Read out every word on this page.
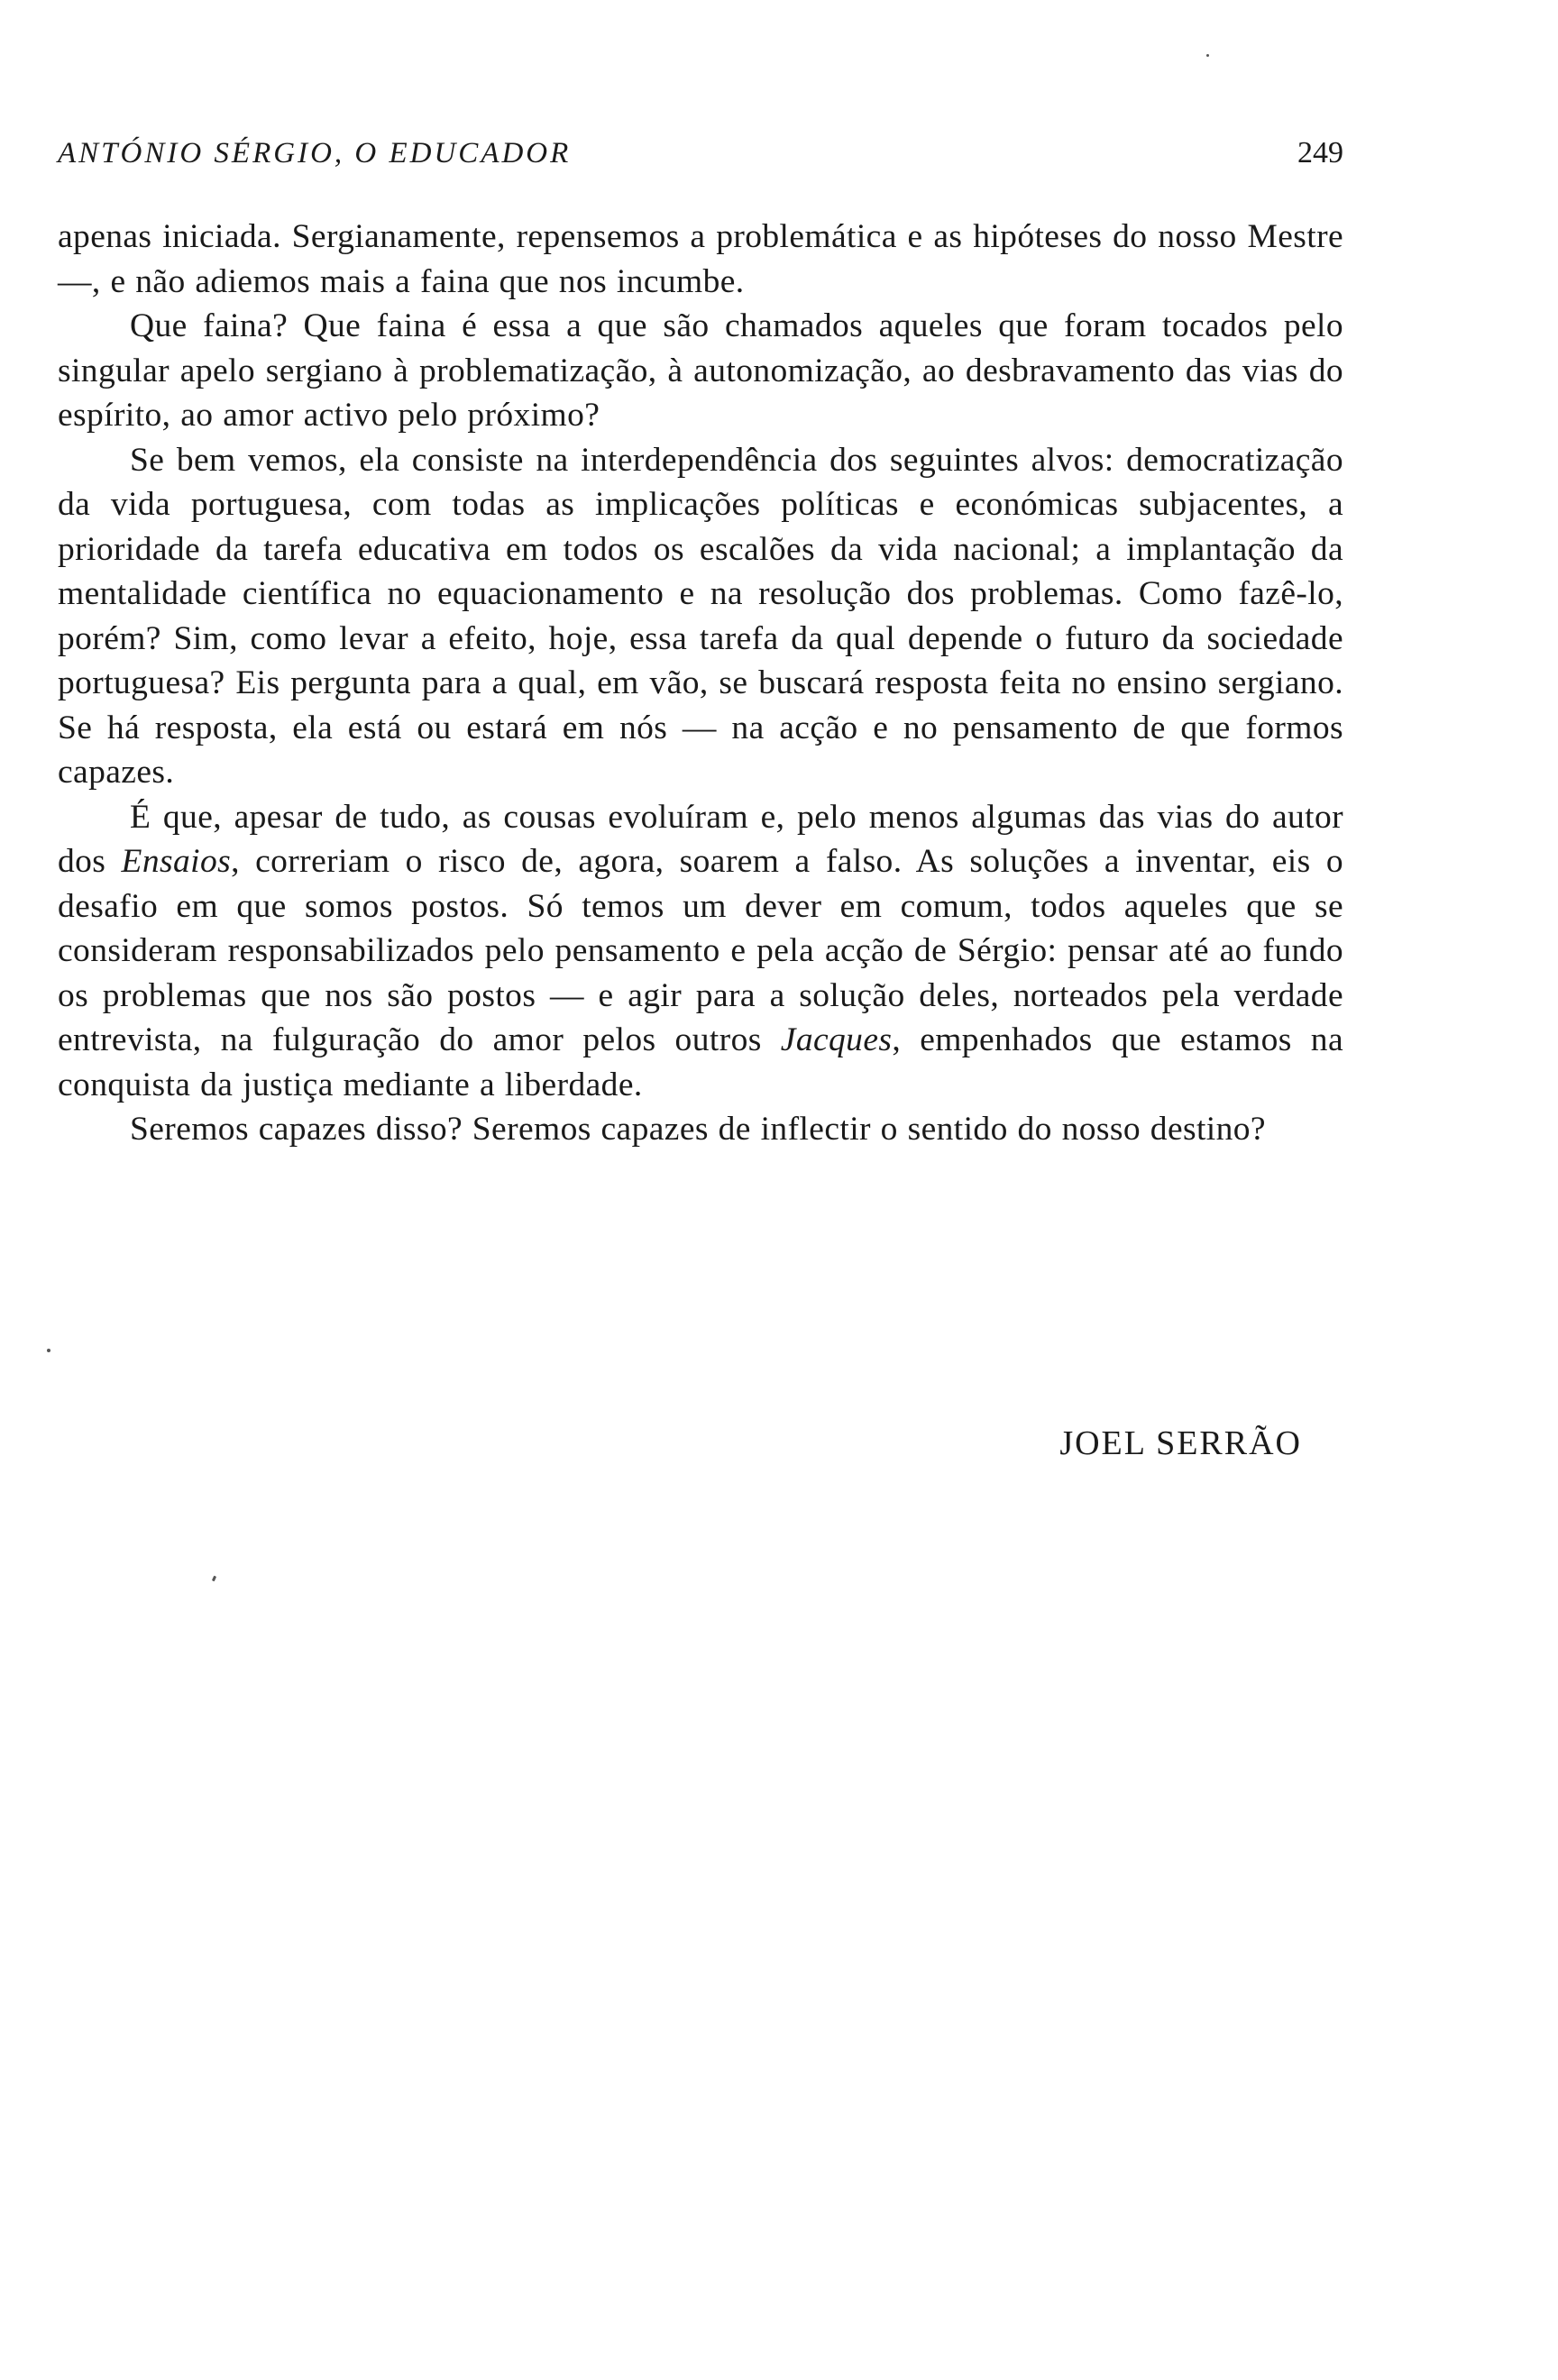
ANTÓNIO SÉRGIO, O EDUCADOR	249

apenas iniciada. Sergianamente, repensemos a problemática e as hipóteses do nosso Mestre —, e não adiemos mais a faina que nos incumbe.

Que faina? Que faina é essa a que são chamados aqueles que foram tocados pelo singular apelo sergiano à problematização, à autonomização, ao desbravamento das vias do espírito, ao amor activo pelo próximo?

Se bem vemos, ela consiste na interdependência dos seguintes alvos: democratização da vida portuguesa, com todas as implicações políticas e económicas subjacentes, a prioridade da tarefa educativa em todos os escalões da vida nacional; a implantação da mentalidade científica no equacionamento e na resolução dos problemas. Como fazê-lo, porém? Sim, como levar a efeito, hoje, essa tarefa da qual depende o futuro da sociedade portuguesa? Eis pergunta para a qual, em vão, se buscará resposta feita no ensino sergiano. Se há resposta, ela está ou estará em nós — na acção e no pensamento de que formos capazes.

É que, apesar de tudo, as cousas evoluíram e, pelo menos algumas das vias do autor dos Ensaios, correriam o risco de, agora, soarem a falso. As soluções a inventar, eis o desafio em que somos postos. Só temos um dever em comum, todos aqueles que se consideram responsabilizados pelo pensamento e pela acção de Sérgio: pensar até ao fundo os problemas que nos são postos — e agir para a solução deles, norteados pela verdade entrevista, na fulguração do amor pelos outros Jacques, empenhados que estamos na conquista da justiça mediante a liberdade.

Seremos capazes disso? Seremos capazes de inflectir o sentido do nosso destino?

JOEL SERRÃO
